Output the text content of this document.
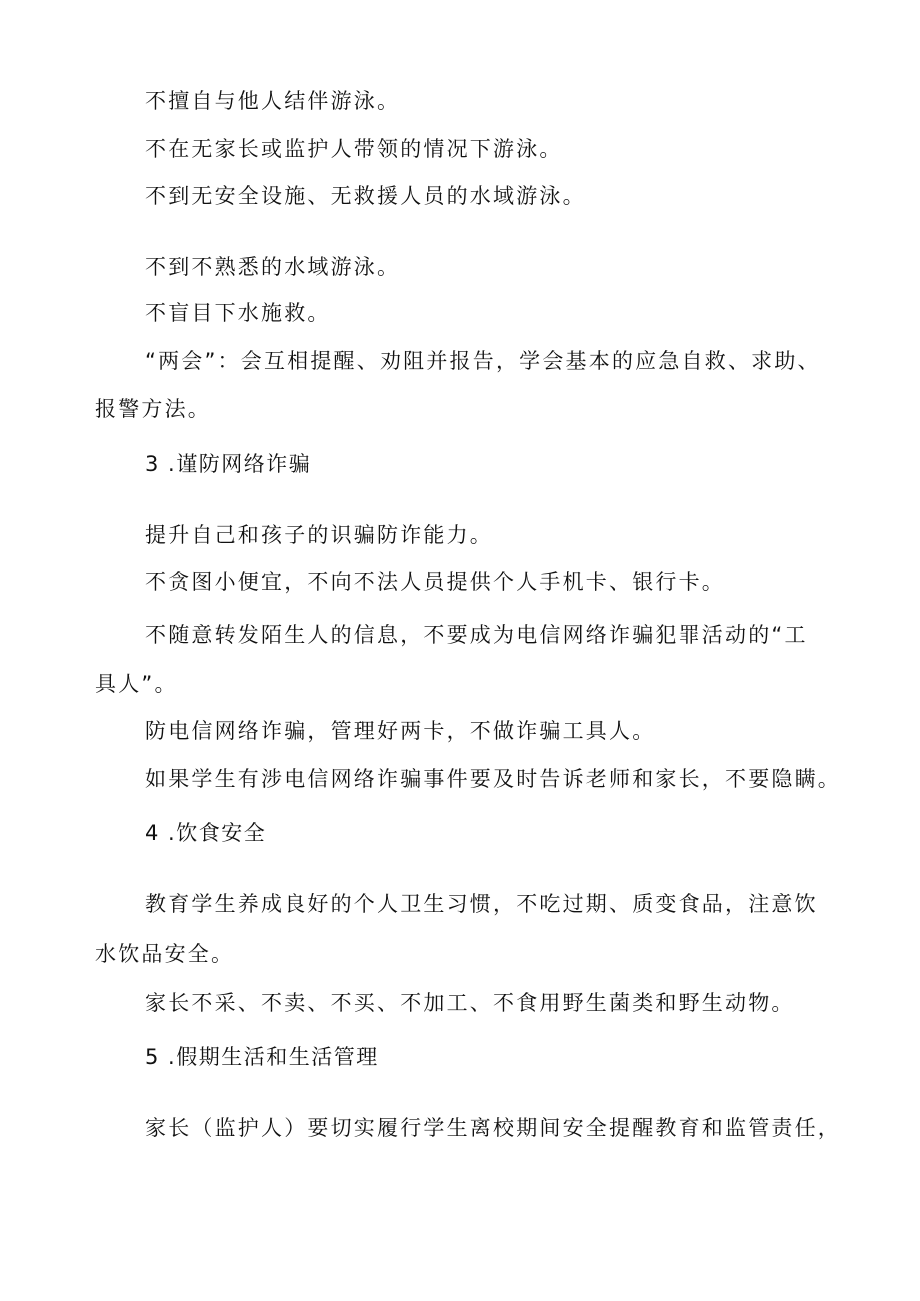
不擅自与他人结伴游泳。
不在无家长或监护人带领的情况下游泳。
不到无安全设施、无救援人员的水域游泳。
不到不熟悉的水域游泳。
不盲目下水施救。
“两会”：会互相提醒、劝阻并报告，学会基本的应急自救、求助、
报警方法。
3 .谨防网络诈骗
提升自己和孩子的识骗防诈能力。
不贪图小便宜，不向不法人员提供个人手机卡、银行卡。
不随意转发陌生人的信息，不要成为电信网络诈骗犯罪活动的“工
具人”。
防电信网络诈骗，管理好两卡，不做诈骗工具人。
如果学生有涉电信网络诈骗事件要及时告诉老师和家长，不要隐瞒。
4 .饮食安全
教育学生养成良好的个人卫生习惯，不吃过期、质变食品，注意饮
水饮品安全。
家长不采、不卖、不买、不加工、不食用野生菌类和野生动物。
5 .假期生活和生活管理
家长（监护人）要切实履行学生离校期间安全提醒教育和监管责任，
